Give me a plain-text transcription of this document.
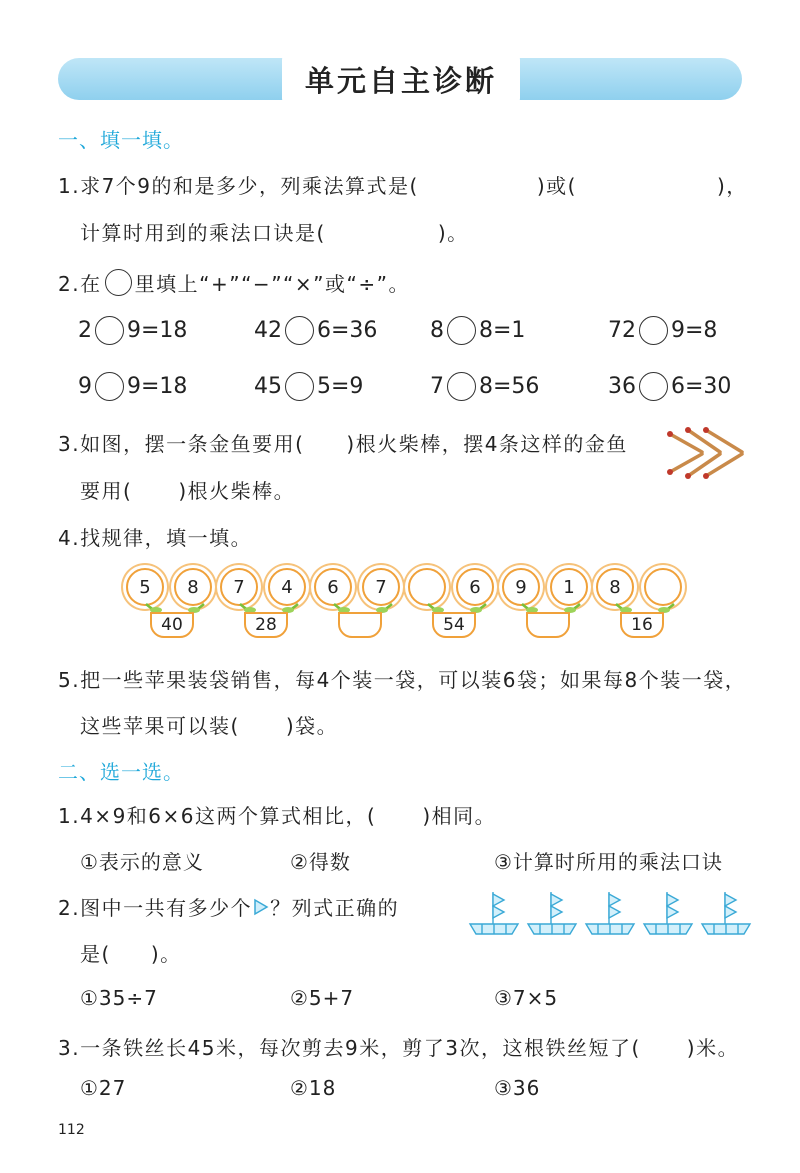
单元自主诊断
一、填一填。
1.求7个9的和是多少，列乘法算式是(	)或(	)，
计算时用到的乘法口诀是(	)。
2.在 里填上“+”“−”“×”或“÷”。
2 9=18	42 6=36 8 8=1	72 9=8
9 9=18	45 5=9	7 8=56	36 6=30
3.如图，摆一条金鱼要用( )根火柴棒，摆4条这样的金鱼
要用( )根火柴棒。
4.找规律，填一填。
5	8
40
7	4
28
6	7	6
54
9	1	8
16
5.把一些苹果装袋销售，每4个装一袋，可以装6袋；如果每8个装一袋，
这些苹果可以装( )袋。
二、选一选。
1.4×9和6×6这两个算式相比，( )相同。
①表示的意义	②得数	③计算时所用的乘法口诀
2.图中一共有多少个 ？列式正确的
是( )。
①35÷7	②5+7	③7×5
3.一条铁丝长45米，每次剪去9米，剪了3次，这根铁丝短了( )米。
①27	②18	③36
112
